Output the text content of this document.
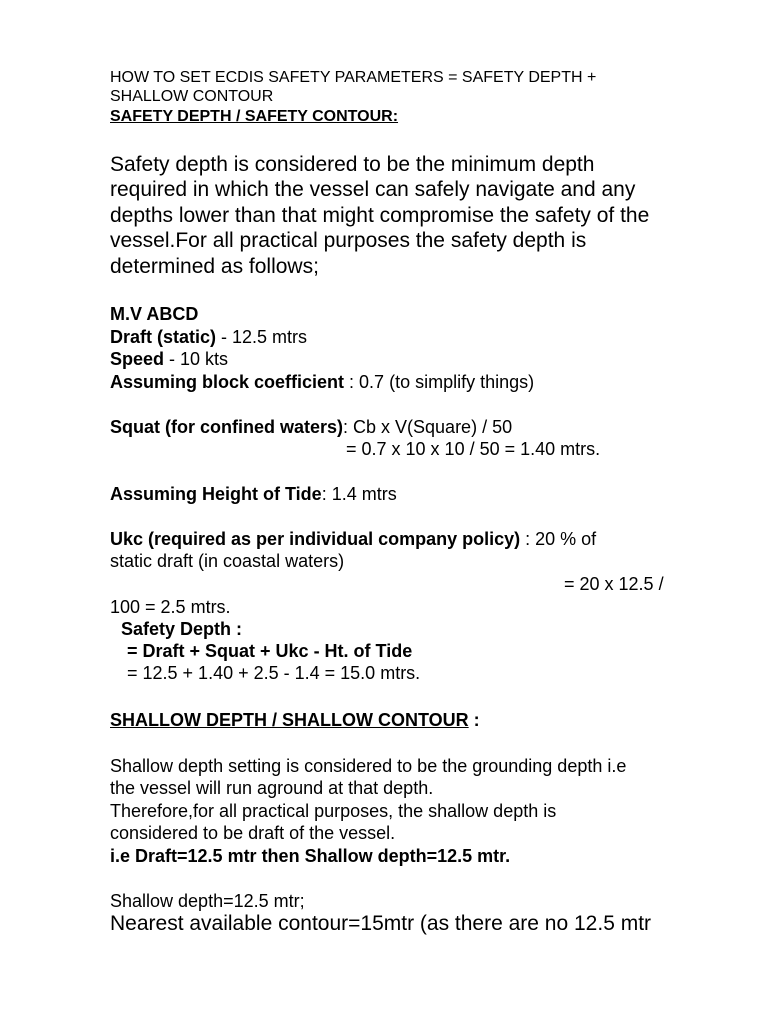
HOW TO SET ECDIS SAFETY PARAMETERS = SAFETY DEPTH +
SHALLOW CONTOUR
SAFETY DEPTH / SAFETY CONTOUR:
Safety depth is considered to be the minimum depth
required in which the vessel can safely navigate and any
depths lower than that might compromise the safety of the
vessel.For all practical purposes the safety depth is
determined as follows;
M.V ABCD
Draft (static) - 12.5 mtrs
Speed - 10 kts
Assuming block coefficient : 0.7 (to simplify things)
Squat (for confined waters): Cb x V(Square) / 50
= 0.7 x 10 x 10 / 50 = 1.40 mtrs.
Assuming Height of Tide: 1.4 mtrs
Ukc (required as per individual company policy) : 20 % of
static draft (in coastal waters)
= 20 x 12.5 /
100 = 2.5 mtrs.
Safety Depth :
= Draft + Squat + Ukc - Ht. of Tide
= 12.5 + 1.40 + 2.5 - 1.4 = 15.0 mtrs.
SHALLOW DEPTH / SHALLOW CONTOUR :
Shallow depth setting is considered to be the grounding depth i.e
the vessel will run aground at that depth.
Therefore,for all practical purposes, the shallow depth is
considered to be draft of the vessel.
i.e Draft=12.5 mtr then Shallow depth=12.5 mtr.
Shallow depth=12.5 mtr;
Nearest available contour=15mtr (as there are no 12.5 mtr
